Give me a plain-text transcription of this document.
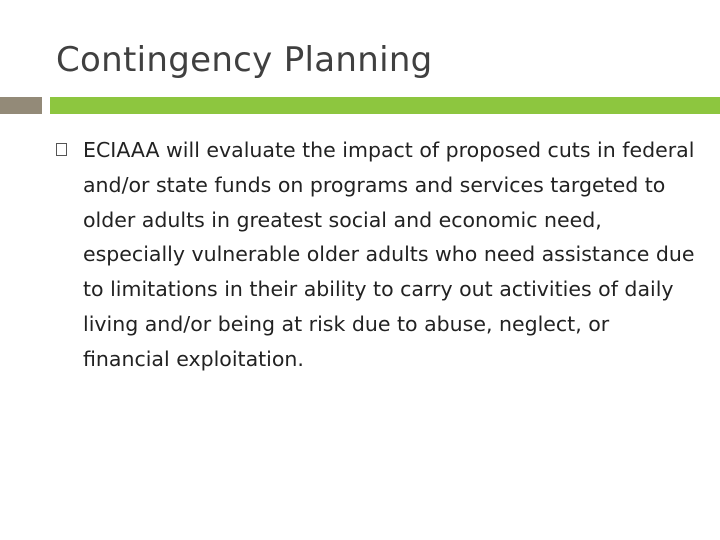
Contingency Planning

ECIAAA will evaluate the impact of proposed cuts in federal and/or state funds on programs and services targeted to older adults in greatest social and economic need, especially vulnerable older adults who need assistance due to limitations in their ability to carry out activities of daily living and/or being at risk due to abuse, neglect, or financial exploitation.
